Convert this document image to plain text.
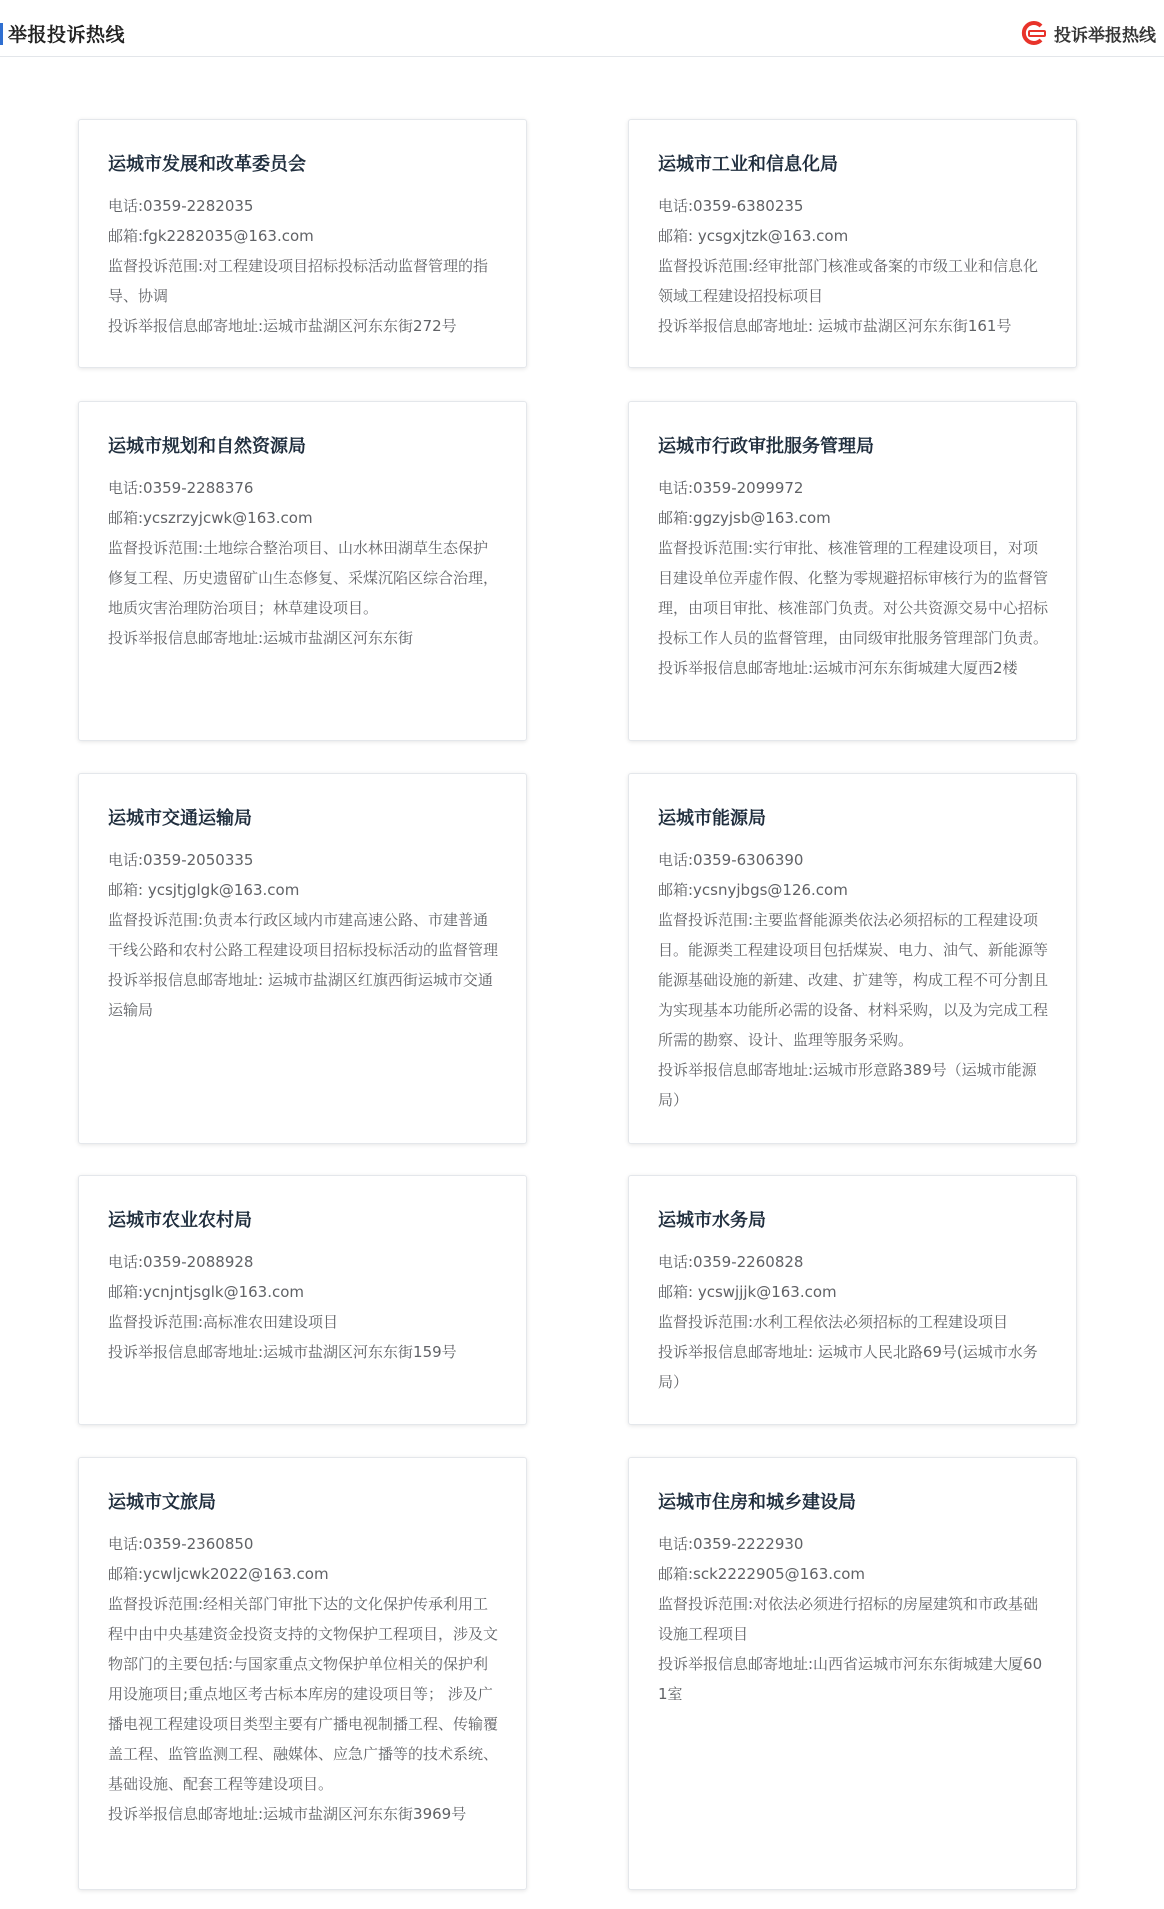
举报投诉热线	投诉举报热线
运城市发展和改革委员会
电话:0359-2282035
邮箱:fgk2282035@163.com
监督投诉范围:对工程建设项目招标投标活动监督管理的指导、协调
投诉举报信息邮寄地址:运城市盐湖区河东东街272号
运城市工业和信息化局
电话:0359-6380235
邮箱: ycsgxjtzk@163.com
监督投诉范围:经审批部门核准或备案的市级工业和信息化领域工程建设招投标项目
投诉举报信息邮寄地址: 运城市盐湖区河东东街161号
运城市规划和自然资源局
电话:0359-2288376
邮箱:ycszrzyjcwk@163.com
监督投诉范围:土地综合整治项目、山水林田湖草生态保护修复工程、历史遗留矿山生态修复、采煤沉陷区综合治理，地质灾害治理防治项目；林草建设项目。
投诉举报信息邮寄地址:运城市盐湖区河东东街
运城市行政审批服务管理局
电话:0359-2099972
邮箱:ggzyjsb@163.com
监督投诉范围:实行审批、核准管理的工程建设项目，对项目建设单位弄虚作假、化整为零规避招标审核行为的监督管理，由项目审批、核准部门负责。对公共资源交易中心招标投标工作人员的监督管理，由同级审批服务管理部门负责。
投诉举报信息邮寄地址:运城市河东东街城建大厦西2楼
运城市交通运输局
电话:0359-2050335
邮箱: ycsjtjglgk@163.com
监督投诉范围:负责本行政区域内市建高速公路、市建普通干线公路和农村公路工程建设项目招标投标活动的监督管理
投诉举报信息邮寄地址: 运城市盐湖区红旗西街运城市交通运输局
运城市能源局
电话:0359-6306390
邮箱:ycsnyjbgs@126.com
监督投诉范围:主要监督能源类依法必须招标的工程建设项目。能源类工程建设项目包括煤炭、电力、油气、新能源等能源基础设施的新建、改建、扩建等，构成工程不可分割且为实现基本功能所必需的设备、材料采购，以及为完成工程所需的勘察、设计、监理等服务采购。
投诉举报信息邮寄地址:运城市形意路389号（运城市能源局）
运城市农业农村局
电话:0359-2088928
邮箱:ycnjntjsglk@163.com
监督投诉范围:高标准农田建设项目
投诉举报信息邮寄地址:运城市盐湖区河东东街159号
运城市水务局
电话:0359-2260828
邮箱: ycswjjjk@163.com
监督投诉范围:水利工程依法必须招标的工程建设项目
投诉举报信息邮寄地址: 运城市人民北路69号(运城市水务局）
运城市文旅局
电话:0359-2360850
邮箱:ycwljcwk2022@163.com
监督投诉范围:经相关部门审批下达的文化保护传承利用工程中由中央基建资金投资支持的文物保护工程项目，涉及文物部门的主要包括:与国家重点文物保护单位相关的保护利用设施项目;重点地区考古标本库房的建设项目等； 涉及广播电视工程建设项目类型主要有广播电视制播工程、传输覆盖工程、监管监测工程、融媒体、应急广播等的技术系统、基础设施、配套工程等建设项目。
投诉举报信息邮寄地址:运城市盐湖区河东东街3969号
运城市住房和城乡建设局
电话:0359-2222930
邮箱:sck2222905@163.com
监督投诉范围:对依法必须进行招标的房屋建筑和市政基础设施工程项目
投诉举报信息邮寄地址:山西省运城市河东东街城建大厦601室
